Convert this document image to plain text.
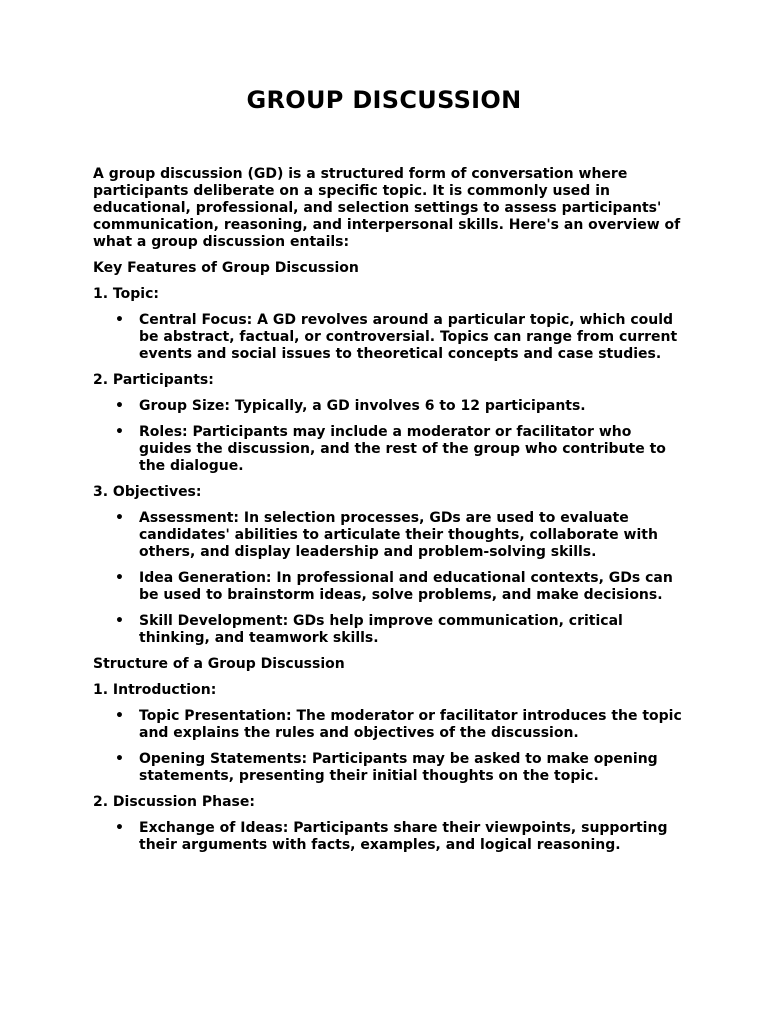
GROUP DISCUSSION

A group discussion (GD) is a structured form of conversation where participants deliberate on a specific topic. It is commonly used in educational, professional, and selection settings to assess participants' communication, reasoning, and interpersonal skills. Here's an overview of what a group discussion entails:

Key Features of Group Discussion

1. Topic:

• Central Focus: A GD revolves around a particular topic, which could be abstract, factual, or controversial. Topics can range from current events and social issues to theoretical concepts and case studies.

2. Participants:

• Group Size: Typically, a GD involves 6 to 12 participants.
• Roles: Participants may include a moderator or facilitator who guides the discussion, and the rest of the group who contribute to the dialogue.

3. Objectives:

• Assessment: In selection processes, GDs are used to evaluate candidates' abilities to articulate their thoughts, collaborate with others, and display leadership and problem-solving skills.
• Idea Generation: In professional and educational contexts, GDs can be used to brainstorm ideas, solve problems, and make decisions.
• Skill Development: GDs help improve communication, critical thinking, and teamwork skills.

Structure of a Group Discussion

1. Introduction:

• Topic Presentation: The moderator or facilitator introduces the topic and explains the rules and objectives of the discussion.
• Opening Statements: Participants may be asked to make opening statements, presenting their initial thoughts on the topic.

2. Discussion Phase:

• Exchange of Ideas: Participants share their viewpoints, supporting their arguments with facts, examples, and logical reasoning.
